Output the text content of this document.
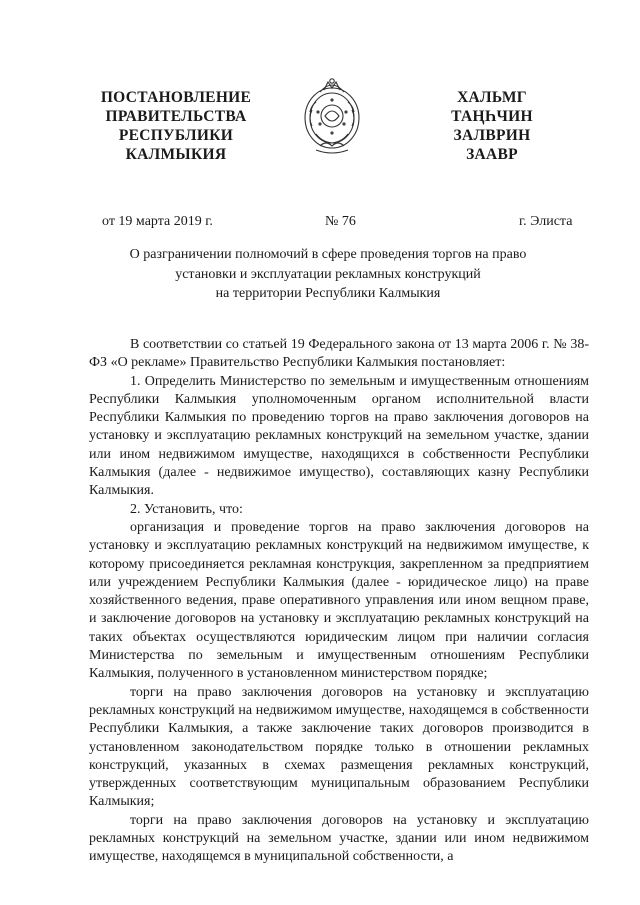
ПОСТАНОВЛЕНИЕ
ПРАВИТЕЛЬСТВА
РЕСПУБЛИКИ
КАЛМЫКИЯ
ХАЛЬМГ
ТАҢҺЧИН
ЗАЛВРИН
ЗААВР
от 19 марта 2019 г.	№ 76	г. Элиста
О разграничении полномочий в сфере проведения торгов на право
установки и эксплуатации рекламных конструкций
на территории Республики Калмыкия

В соответствии со статьей 19 Федерального закона от 13 марта 2006 г. № 38-ФЗ «О рекламе» Правительство Республики Калмыкия постановляет:

1. Определить Министерство по земельным и имущественным отношениям Республики Калмыкия уполномоченным органом исполнительной власти Республики Калмыкия по проведению торгов на право заключения договоров на установку и эксплуатацию рекламных конструкций на земельном участке, здании или ином недвижимом имуществе, находящихся в собственности Республики Калмыкия (далее - недвижимое имущество), составляющих казну Республики Калмыкия.

2. Установить, что:

организация и проведение торгов на право заключения договоров на установку и эксплуатацию рекламных конструкций на недвижимом имуществе, к которому присоединяется рекламная конструкция, закрепленном за предприятием или учреждением Республики Калмыкия (далее - юридическое лицо) на праве хозяйственного ведения, праве оперативного управления или ином вещном праве, и заключение договоров на установку и эксплуатацию рекламных конструкций на таких объектах осуществляются юридическим лицом при наличии согласия Министерства по земельным и имущественным отношениям Республики Калмыкия, полученного в установленном министерством порядке;

торги на право заключения договоров на установку и эксплуатацию рекламных конструкций на недвижимом имуществе, находящемся в собственности Республики Калмыкия, а также заключение таких договоров производится в установленном законодательством порядке только в отношении рекламных конструкций, указанных в схемах размещения рекламных конструкций, утвержденных соответствующим муниципальным образованием Республики Калмыкия;

торги на право заключения договоров на установку и эксплуатацию рекламных конструкций на земельном участке, здании или ином недвижимом имуществе, находящемся в муниципальной собственности, а
